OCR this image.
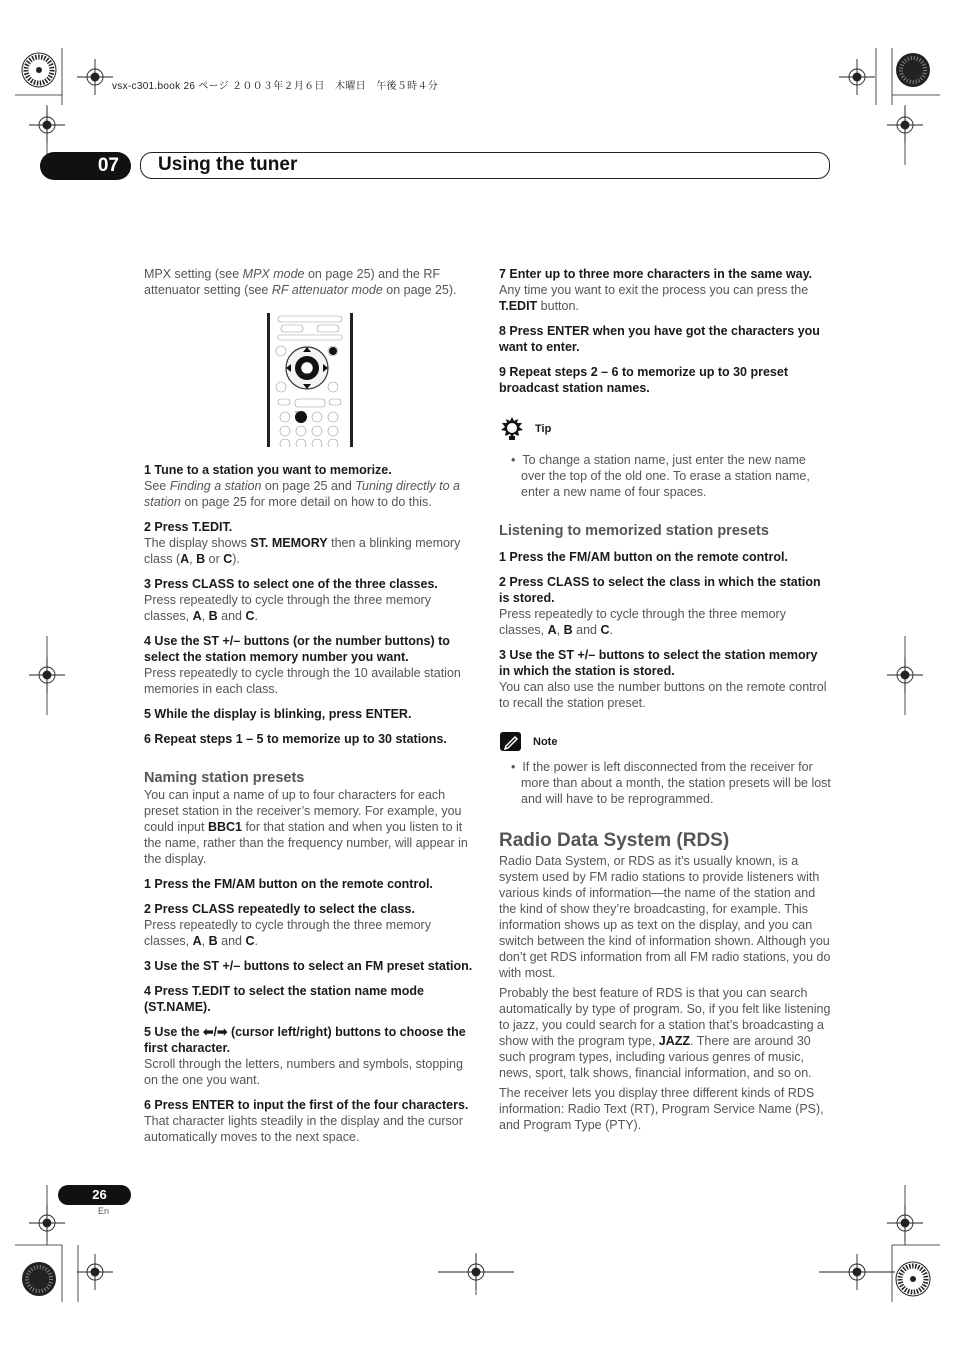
vsx-c301.book 26 ページ ２００３年２月６日　木曜日　午後５時４分
07	Using the tuner

MPX setting (see MPX mode on page 25) and the RF attenuator setting (see RF attenuator mode on page 25).

ENTER
CLASS

1 Tune to a station you want to memorize.

See Finding a station on page 25 and Tuning directly to a station on page 25 for more detail on how to do this.

2 Press T.EDIT.

The display shows ST. MEMORY then a blinking memory class (A, B or C).

3 Press CLASS to select one of the three classes.

Press repeatedly to cycle through the three memory classes, A, B and C.

4 Use the ST +/– buttons (or the number buttons) to select the station memory number you want.

Press repeatedly to cycle through the 10 available station memories in each class.

5 While the display is blinking, press ENTER.

6 Repeat steps 1 – 5 to memorize up to 30 stations.

Naming station presets

You can input a name of up to four characters for each preset station in the receiver’s memory. For example, you could input BBC1 for that station and when you listen to it the name, rather than the frequency number, will appear in the display.

1 Press the FM/AM button on the remote control.

2 Press CLASS repeatedly to select the class.

Press repeatedly to cycle through the three memory classes, A, B and C.

3 Use the ST +/– buttons to select an FM preset station.

4 Press T.EDIT to select the station name mode (ST.NAME).

5 Use the ⬅/➡ (cursor left/right) buttons to choose the first character.

Scroll through the letters, numbers and symbols, stopping on the one you want.

6 Press ENTER to input the first of the four characters.

That character lights steadily in the display and the cursor automatically moves to the next space.

7 Enter up to three more characters in the same way.

Any time you want to exit the process you can press the T.EDIT button.

8 Press ENTER when you have got the characters you want to enter.

9 Repeat steps 2 – 6 to memorize up to 30 preset broadcast station names.

Tip

•  To change a station name, just enter the new name over the top of the old one. To erase a station name, enter a new name of four spaces.

Listening to memorized station presets

1 Press the FM/AM button on the remote control.

2 Press CLASS to select the class in which the station is stored.

Press repeatedly to cycle through the three memory classes, A, B and C.

3 Use the ST +/– buttons to select the station memory in which the station is stored.

You can also use the number buttons on the remote control to recall the station preset.

Note

•  If the power is left disconnected from the receiver for more than about a month, the station presets will be lost and will have to be reprogrammed.

Radio Data System (RDS)

Radio Data System, or RDS as it’s usually known, is a system used by FM radio stations to provide listeners with various kinds of information—the name of the station and the kind of show they’re broadcasting, for example. This information shows up as text on the display, and you can switch between the kind of information shown. Although you don’t get RDS information from all FM radio stations, you do with most.

Probably the best feature of RDS is that you can search automatically by type of program. So, if you felt like listening to jazz, you could search for a station that’s broadcasting a show with the program type, JAZZ. There are around 30 such program types, including various genres of music, news, sport, talk shows, financial information, and so on.

The receiver lets you display three different kinds of RDS information: Radio Text (RT), Program Service Name (PS), and Program Type (PTY).

26
En
